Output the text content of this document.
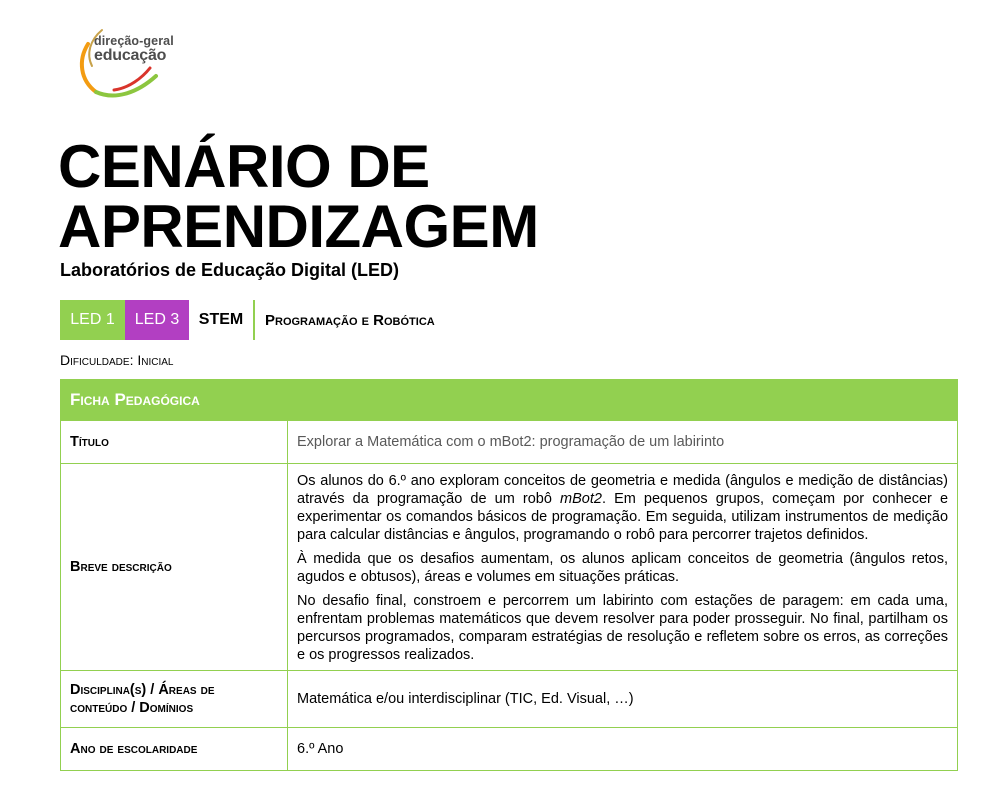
direção-geral
educação
CENÁRIO DE
APRENDIZAGEM
Laboratórios de Educação Digital (LED)
LED 1	LED 3	STEM	Programação e Robótica
Dificuldade: Inicial
Ficha Pedagógica	
Título	Explorar a Matemática com o mBot2: programação de um labirinto
Breve descrição	Os alunos do 6.º ano exploram conceitos de geometria e medida (ângulos e medição de distâncias) através da programação de um robô mBot2. Em pequenos grupos, começam por conhecer e experimentar os comandos básicos de programação. Em seguida, utilizam instrumentos de medição para calcular distâncias e ângulos, programando o robô para percorrer trajetos definidos.

À medida que os desafios aumentam, os alunos aplicam conceitos de geometria (ângulos retos, agudos e obtusos), áreas e volumes em situações práticas.

No desafio final, constroem e percorrem um labirinto com estações de paragem: em cada uma, enfrentam problemas matemáticos que devem resolver para poder prosseguir. No final, partilham os percursos programados, comparam estratégias de resolução e refletem sobre os erros, as correções e os progressos realizados.

Disciplina(s) / Áreas de
conteúdo / Domínios	Matemática e/ou interdisciplinar (TIC, Ed. Visual, …)
Ano de escolaridade	6.º Ano
